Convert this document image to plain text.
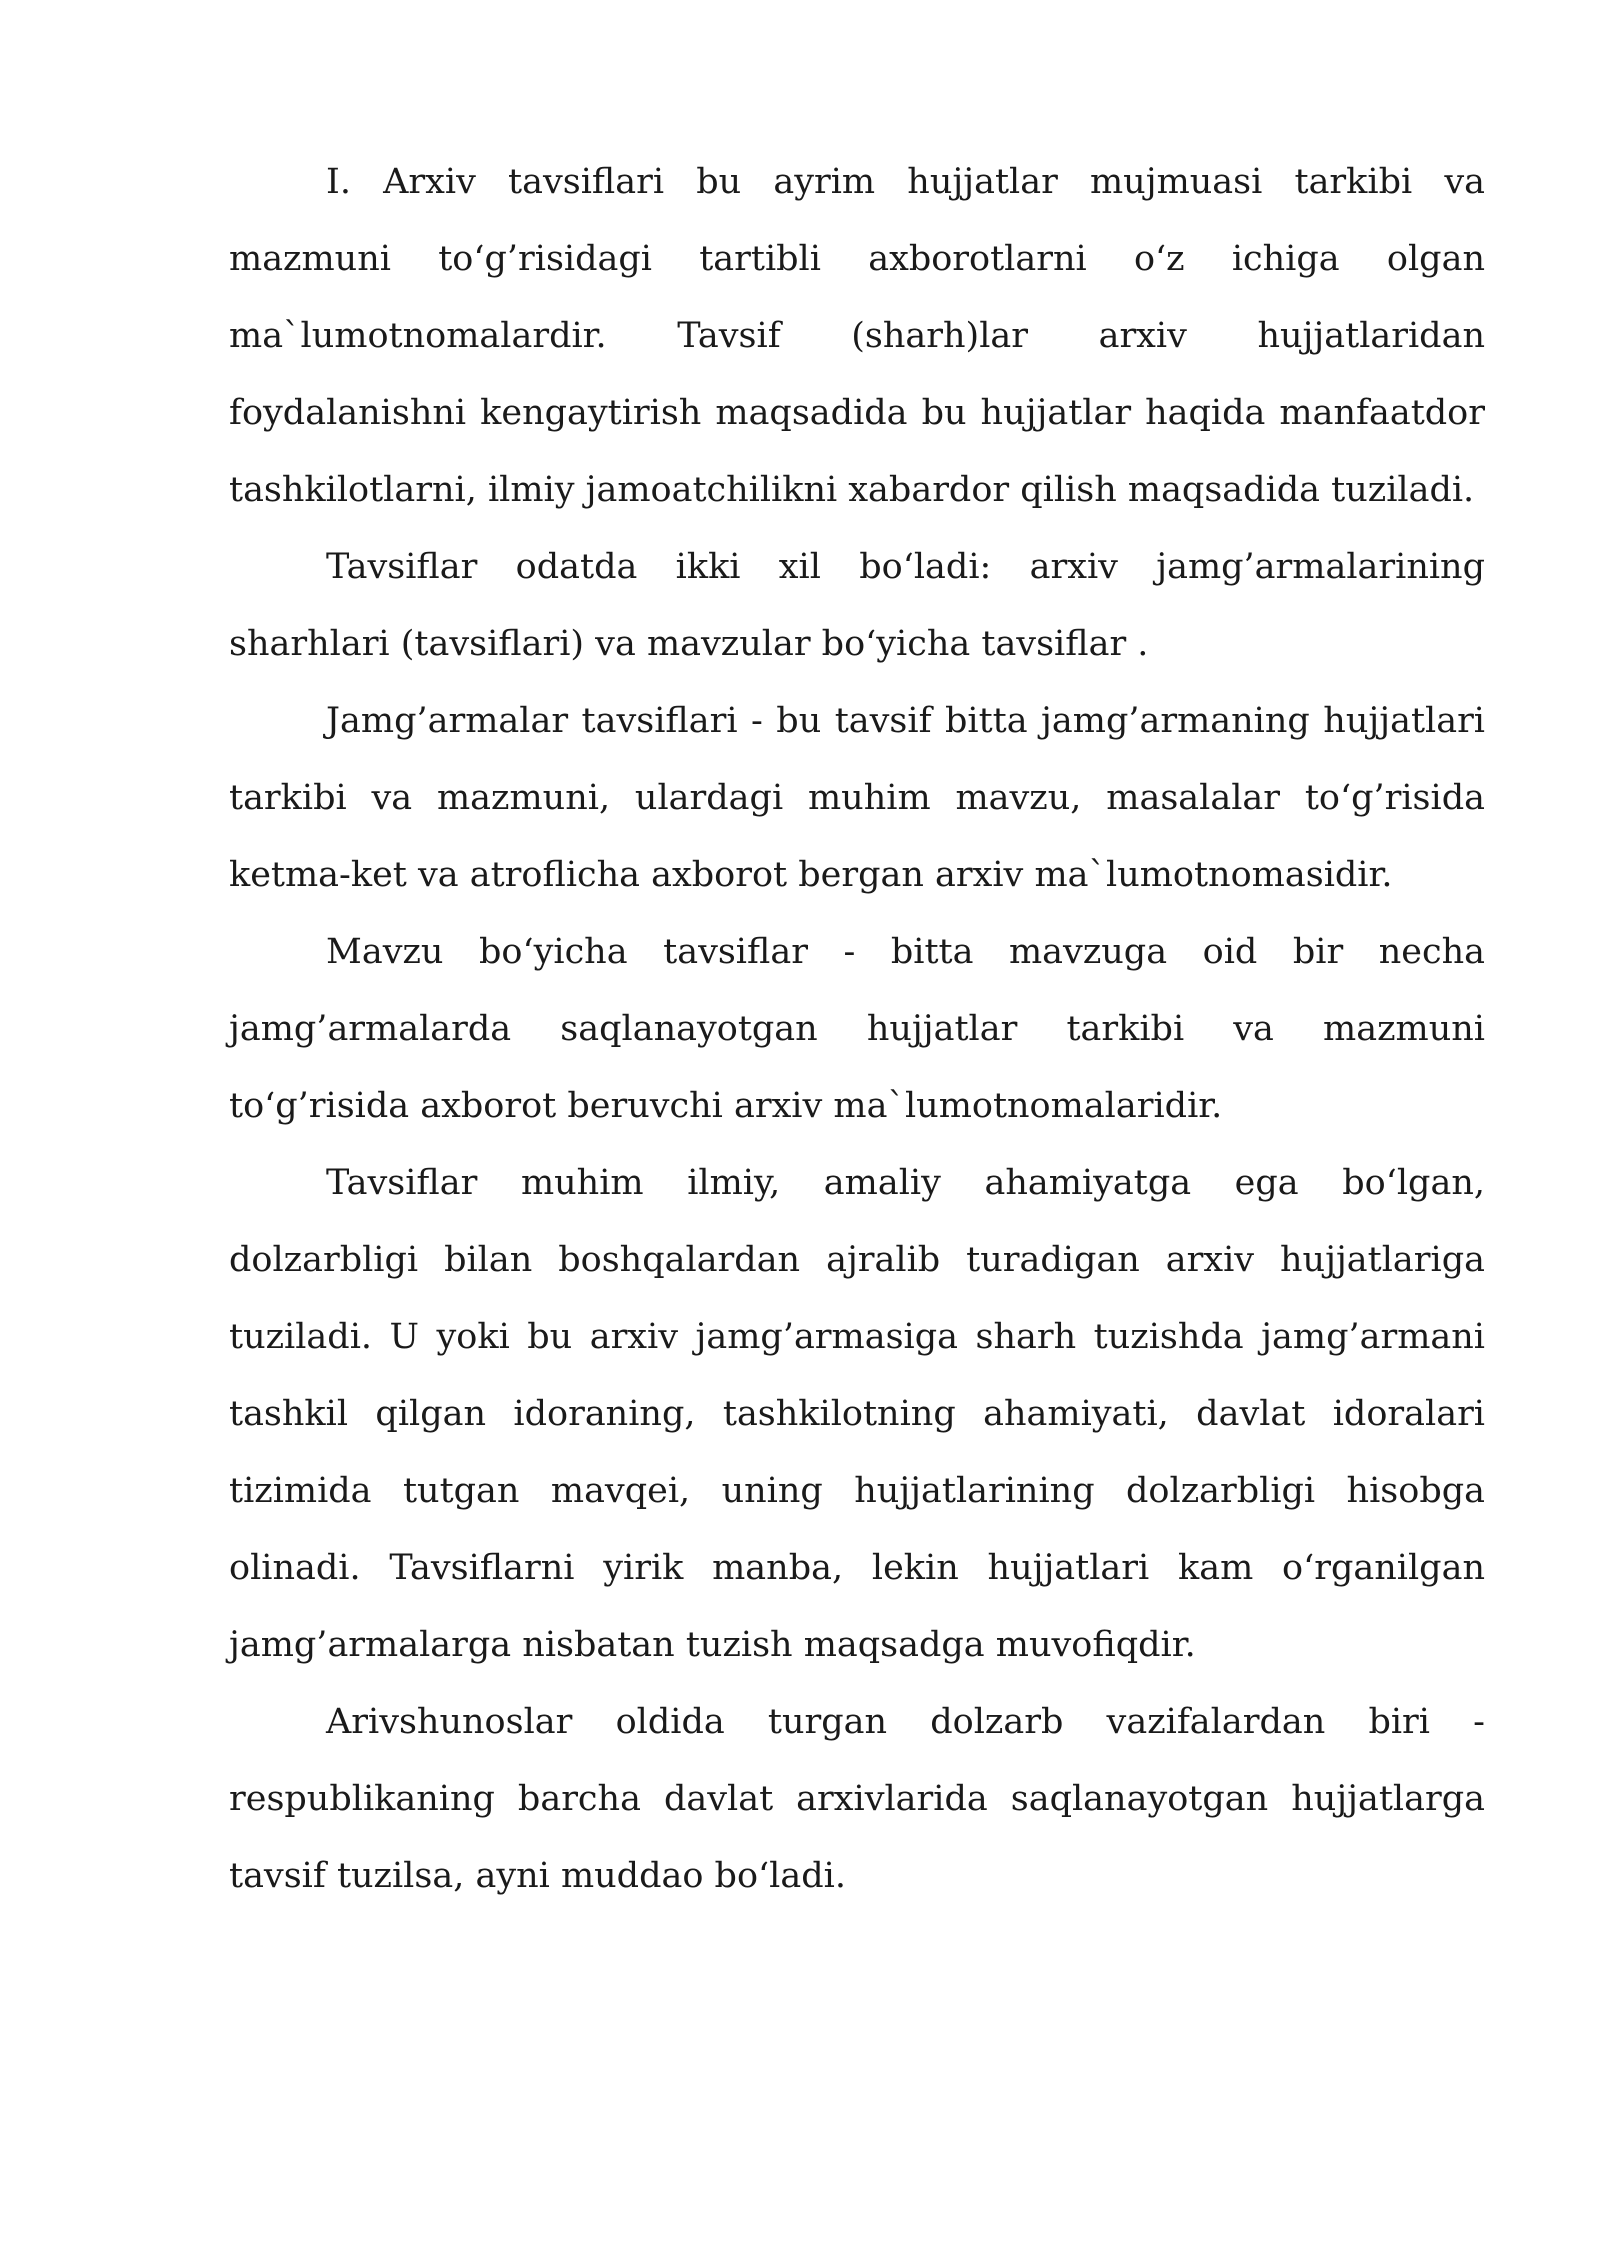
I. Arxiv tavsiflari bu ayrim hujjatlar mujmuasi tarkibi va mazmuni to‘g’risidagi tartibli axborotlarni o‘z ichiga olgan ma`lumotnomalardir. Tavsif (sharh)lar arxiv hujjatlaridan foydalanishni kengaytirish maqsadida bu hujjatlar haqida manfaatdor tashkilotlarni, ilmiy jamoatchilikni xabardor qilish maqsadida tuziladi.

Tavsiflar odatda ikki xil bo‘ladi: arxiv jamg’armalarining sharhlari (tavsiflari) va mavzular bo‘yicha tavsiflar .

Jamg’armalar tavsiflari - bu tavsif bitta jamg’armaning hujjatlari tarkibi va mazmuni, ulardagi muhim mavzu, masalalar to‘g’risida ketma-ket va atroflicha axborot bergan arxiv ma`lumotnomasidir.

Mavzu bo‘yicha tavsiflar - bitta mavzuga oid bir necha jamg’armalarda saqlanayotgan hujjatlar tarkibi va mazmuni to‘g’risida axborot beruvchi arxiv ma`lumotnomalaridir.

Tavsiflar muhim ilmiy, amaliy ahamiyatga ega bo‘lgan, dolzarbligi bilan boshqalardan ajralib turadigan arxiv hujjatlariga tuziladi. U yoki bu arxiv jamg’armasiga sharh tuzishda jamg’armani tashkil qilgan idoraning, tashkilotning ahamiyati, davlat idoralari tizimida tutgan mavqei, uning hujjatlarining dolzarbligi hisobga olinadi. Tavsiflarni yirik manba, lekin hujjatlari kam o‘rganilgan jamg’armalarga nisbatan tuzish maqsadga muvofiqdir.

Arivshunoslar oldida turgan dolzarb vazifalardan biri - respublikaning barcha davlat arxivlarida saqlanayotgan hujjatlarga tavsif tuzilsa, ayni muddao bo‘ladi.
